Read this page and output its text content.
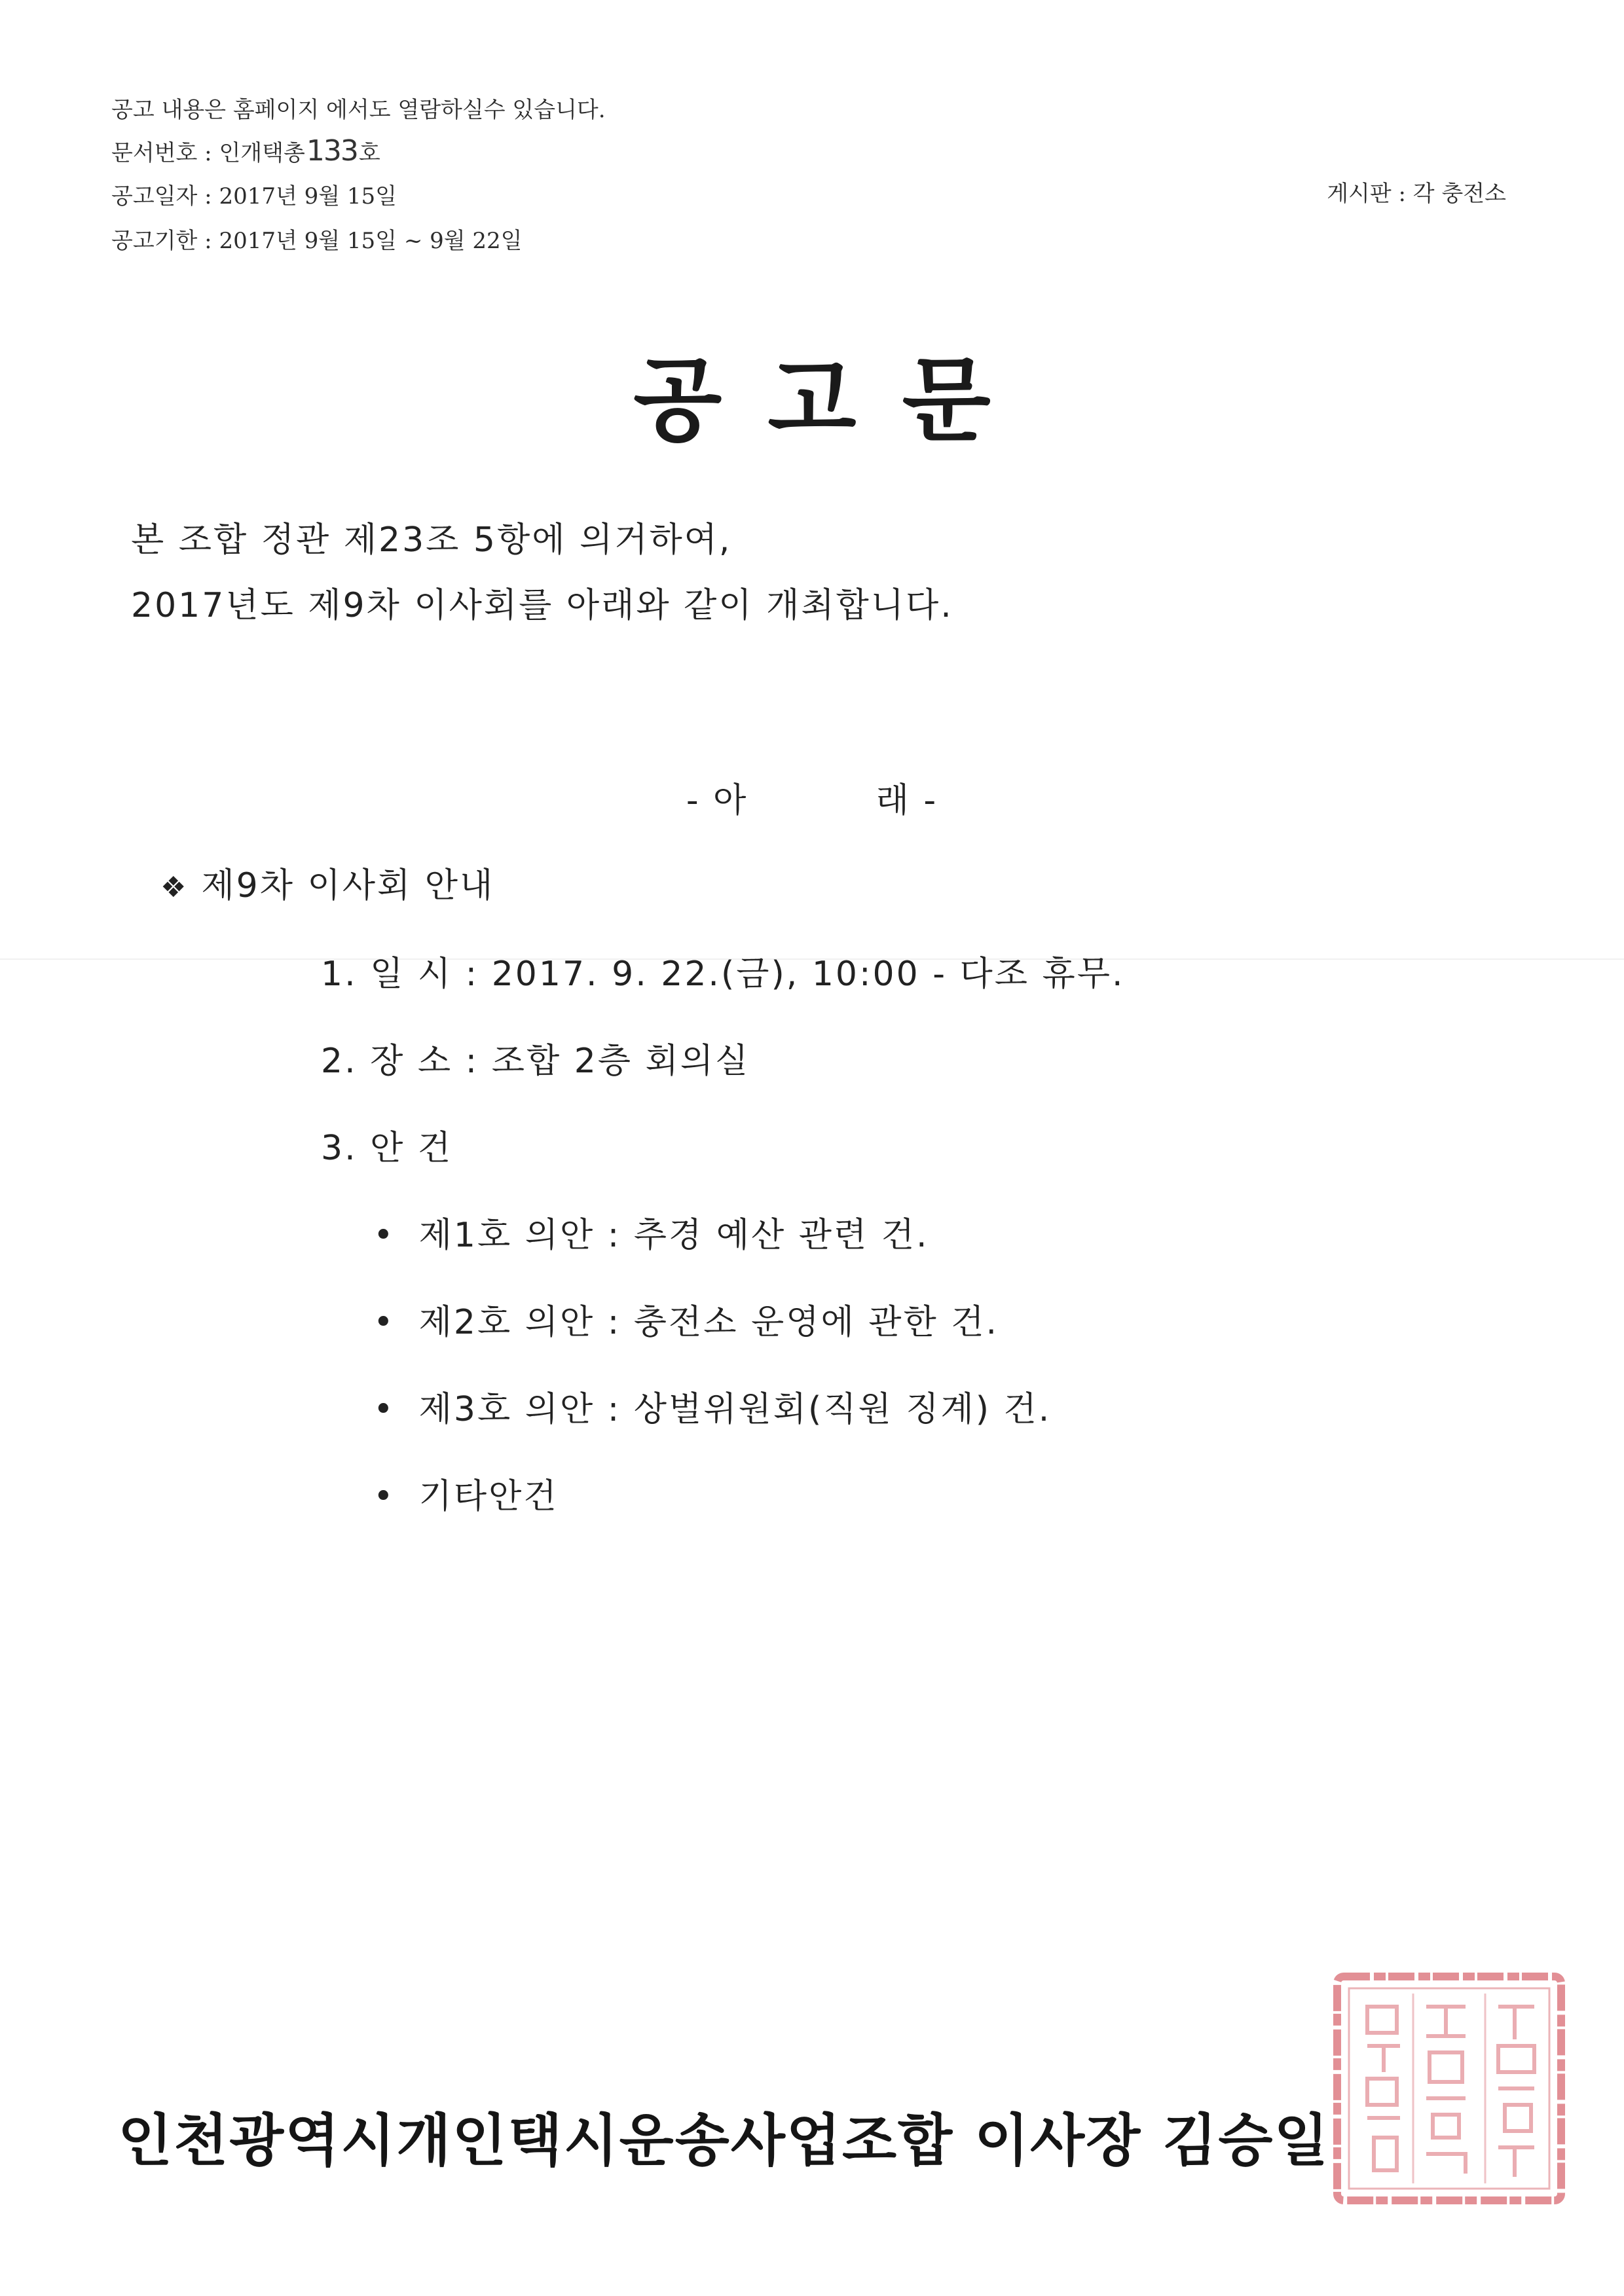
공고 내용은 홈페이지 에서도 열람하실수 있습니다.
문서번호 : 인개택총133호
공고일자 : 2017년 9월 15일
공고기한 : 2017년 9월 15일 ~ 9월 22일
게시판 : 각 충전소
공고문
본 조합 정관 제23조 5항에 의거하여,
2017년도 제9차 이사회를 아래와 같이 개최합니다.
- 아          래 -
❖ 제9차 이사회 안내
1. 일 시 : 2017. 9. 22.(금), 10:00 - 다조 휴무.
2. 장 소 : 조합 2층 회의실
3. 안 건
• 제1호 의안 : 추경 예산 관련 건.
• 제2호 의안 : 충전소 운영에 관한 건.
• 제3호 의안 : 상벌위원회(직원 징계) 건.
• 기타안건
인천광역시개인택시운송사업조합 이사장 김승일
